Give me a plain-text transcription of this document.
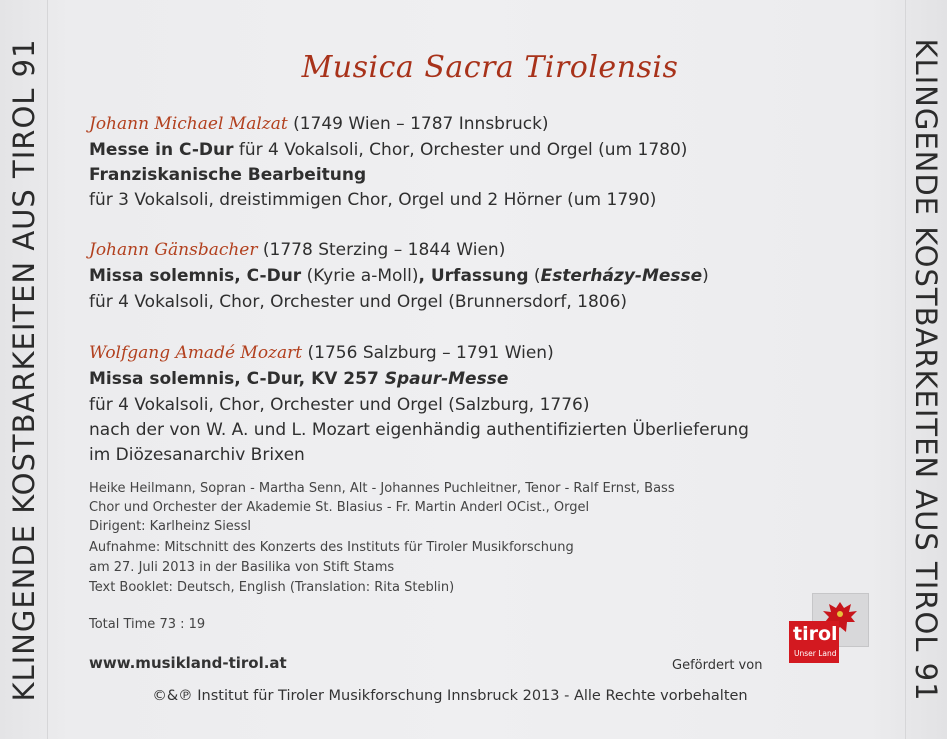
KLINGENDE KOSTBARKEITEN AUS TIROL 91	KLINGENDE KOSTBARKEITEN AUS TIROL 91
Musica Sacra Tirolensis
Johann Michael Malzat (1749 Wien – 1787 Innsbruck)
Messe in C-Dur für 4 Vokalsoli, Chor, Orchester und Orgel (um 1780)
Franziskanische Bearbeitung
für 3 Vokalsoli, dreistimmigen Chor, Orgel und 2 Hörner (um 1790)
Johann Gänsbacher (1778 Sterzing – 1844 Wien)
Missa solemnis, C-Dur (Kyrie a-Moll), Urfassung (Esterházy-Messe)
für 4 Vokalsoli, Chor, Orchester und Orgel (Brunnersdorf, 1806)
Wolfgang Amadé Mozart (1756 Salzburg – 1791 Wien)
Missa solemnis, C-Dur, KV 257 Spaur-Messe
für 4 Vokalsoli, Chor, Orchester und Orgel (Salzburg, 1776)
nach der von W. A. und L. Mozart eigenhändig authentifizierten Überlieferung
im Diözesanarchiv Brixen
Heike Heilmann, Sopran - Martha Senn, Alt - Johannes Puchleitner, Tenor - Ralf Ernst, Bass
Chor und Orchester der Akademie St. Blasius - Fr. Martin Anderl OCist., Orgel
Dirigent: Karlheinz Siessl
Aufnahme: Mitschnitt des Konzerts des Instituts für Tiroler Musikforschung
am 27. Juli 2013 in der Basilika von Stift Stams
Text Booklet: Deutsch, English (Translation: Rita Steblin)
Total Time 73 : 19
www.musikland-tirol.at	Gefördert von
tirol
Unser Land
©&℗ Institut für Tiroler Musikforschung Innsbruck 2013 - Alle Rechte vorbehalten
